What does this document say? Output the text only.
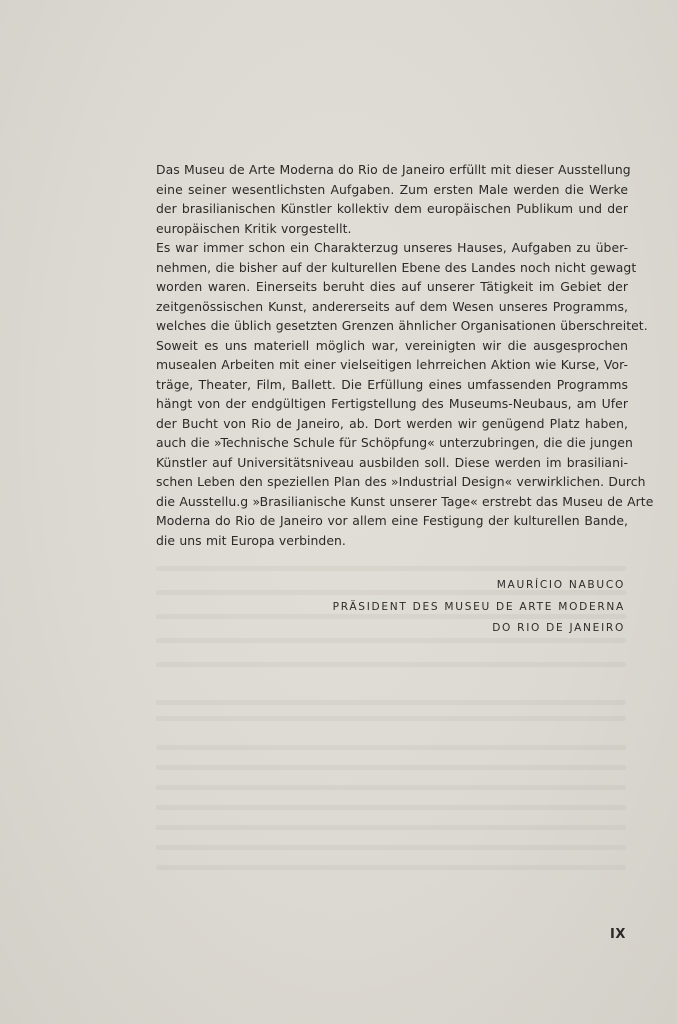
Das Museu de Arte Moderna do Rio de Janeiro erfüllt mit dieser Ausstellung
eine seiner wesentlichsten Aufgaben. Zum ersten Male werden die Werke
der brasilianischen Künstler kollektiv dem europäischen Publikum und der
europäischen Kritik vorgestellt.
Es war immer schon ein Charakterzug unseres Hauses, Aufgaben zu über-
nehmen, die bisher auf der kulturellen Ebene des Landes noch nicht gewagt
worden waren. Einerseits beruht dies auf unserer Tätigkeit im Gebiet der
zeitgenössischen Kunst, andererseits auf dem Wesen unseres Programms,
welches die üblich gesetzten Grenzen ähnlicher Organisationen überschreitet.
Soweit es uns materiell möglich war, vereinigten wir die ausgesprochen
musealen Arbeiten mit einer vielseitigen lehrreichen Aktion wie Kurse, Vor-
träge, Theater, Film, Ballett. Die Erfüllung eines umfassenden Programms
hängt von der endgültigen Fertigstellung des Museums-Neubaus, am Ufer
der Bucht von Rio de Janeiro, ab. Dort werden wir genügend Platz haben,
auch die »Technische Schule für Schöpfung« unterzubringen, die die jungen
Künstler auf Universitätsniveau ausbilden soll. Diese werden im brasiliani-
schen Leben den speziellen Plan des »Industrial Design« verwirklichen. Durch
die Ausstellu.g »Brasilianische Kunst unserer Tage« erstrebt das Museu de Arte
Moderna do Rio de Janeiro vor allem eine Festigung der kulturellen Bande,
die uns mit Europa verbinden.
MAURÍCIO NABUCO
PRÄSIDENT DES MUSEU DE ARTE MODERNA
DO RIO DE JANEIRO
IX
